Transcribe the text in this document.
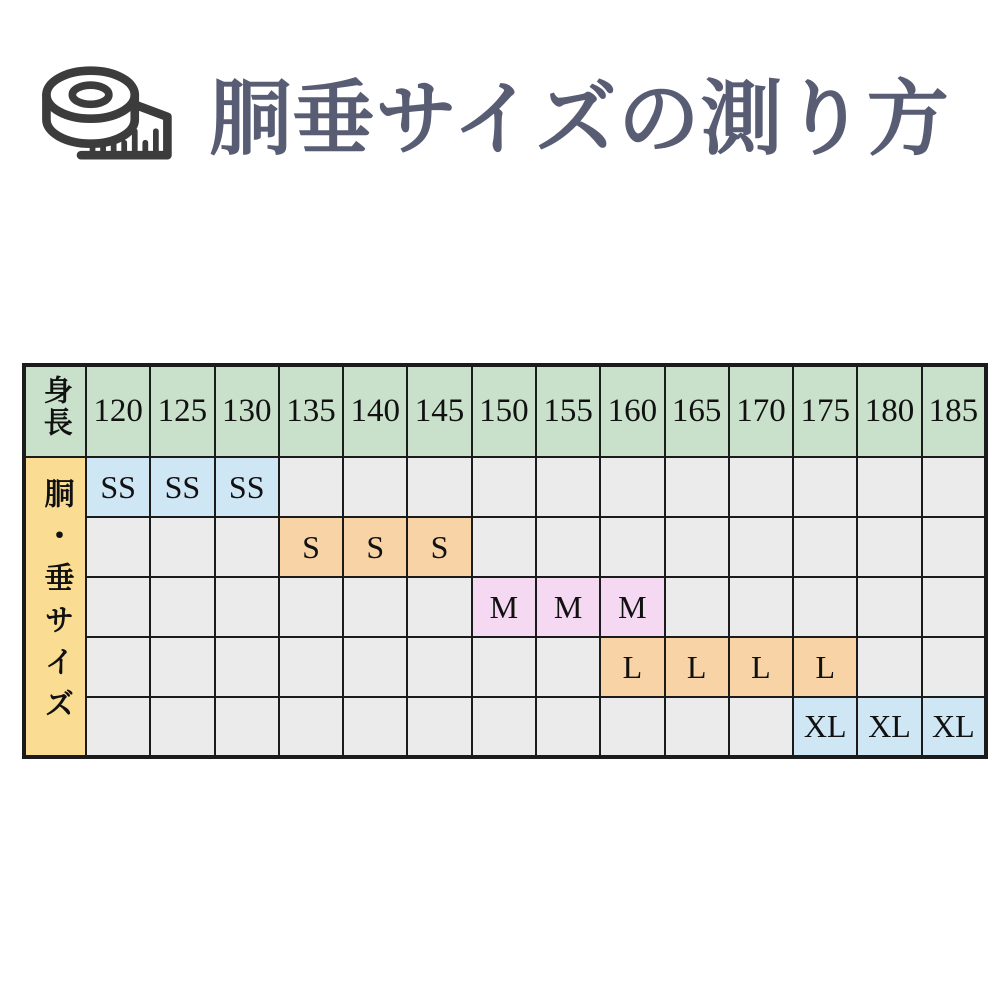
胴垂サイズの測り方
身長	120	125	130	135	140	145	150	155	160	165	170	175	180	185
胴・垂サイズ	SS	SS	SS											
				S	S	S								
							M	M	M					
									L	L	L	L		
												XL	XL	XL
